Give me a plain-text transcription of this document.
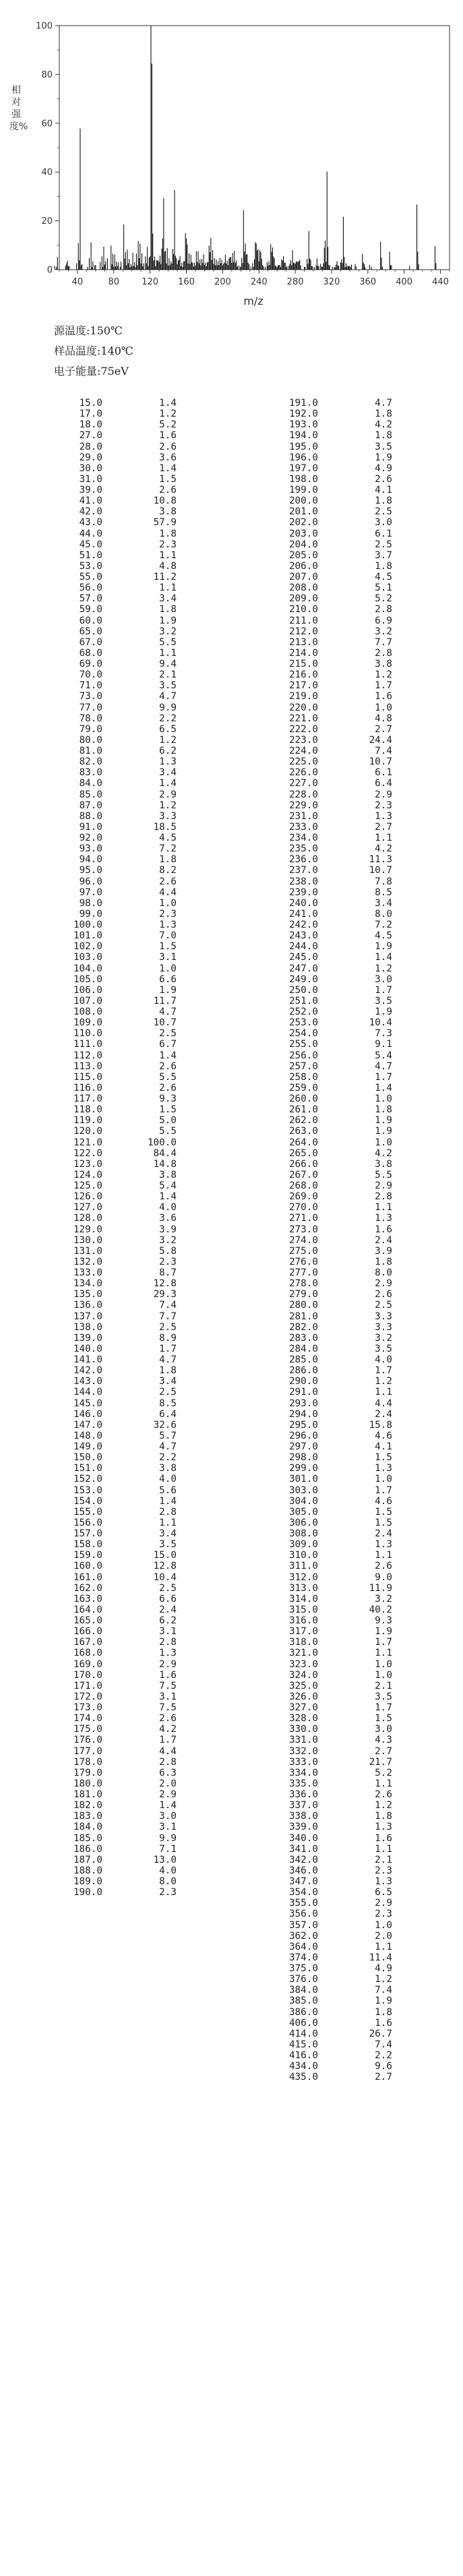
40	80	120 160 200 240 280 320 360 400 440
0
20
40
60
80
100
m/z
相对强度%
源温度:150℃
样品温度:140℃
电子能量:75eV
15.0	1.4
17.0	1.2
18.0	5.2
27.0	1.6
28.0	2.6
29.0	3.6
30.0	1.4
31.0	1.5
39.0	2.6
41.0	10.8
42.0	3.8
43.0	57.9
44.0	1.8
45.0	2.3
51.0	1.1
53.0	4.8
55.0	11.2
56.0	1.1
57.0	3.4
59.0	1.8
60.0	1.9
65.0	3.2
67.0	5.5
68.0	1.1
69.0	9.4
70.0	2.1
71.0	3.5
73.0	4.7
77.0	9.9
78.0	2.2
79.0	6.5
80.0	1.2
81.0	6.2
82.0	1.3
83.0	3.4
84.0	1.4
85.0	2.9
87.0	1.2
88.0	3.3
91.0	18.5
92.0	4.5
93.0	7.2
94.0	1.8
95.0	8.2
96.0	2.6
97.0	4.4
98.0	1.0
99.0	2.3
100.0	1.3
101.0	7.0
102.0	1.5
103.0	3.1
104.0	1.0
105.0	6.6
106.0	1.9
107.0	11.7
108.0	4.7
109.0	10.7
110.0	2.5
111.0	6.7
112.0	1.4
113.0	2.6
115.0	5.5
116.0	2.6
117.0	9.3
118.0	1.5
119.0	5.0
120.0	5.5
121.0	100.0
122.0	84.4
123.0	14.8
124.0	3.8
125.0	5.4
126.0	1.4
127.0	4.0
128.0	3.6
129.0	3.9
130.0	3.2
131.0	5.8
132.0	2.3
133.0	8.7
134.0	12.8
135.0	29.3
136.0	7.4
137.0	7.7
138.0	2.5
139.0	8.9
140.0	1.7
141.0	4.7
142.0	1.8
143.0	3.4
144.0	2.5
145.0	8.5
146.0	6.4
147.0	32.6
148.0	5.7
149.0	4.7
150.0	2.2
151.0	3.8
152.0	4.0
153.0	5.6
154.0	1.4
155.0	2.8
156.0	1.1
157.0	3.4
158.0	3.5
159.0	15.0
160.0	12.8
161.0	10.4
162.0	2.5
163.0	6.6
164.0	2.4
165.0	6.2
166.0	3.1
167.0	2.8
168.0	1.3
169.0	2.9
170.0	1.6
171.0	7.5
172.0	3.1
173.0	7.5
174.0	2.6
175.0	4.2
176.0	1.7
177.0	4.4
178.0	2.8
179.0	6.3
180.0	2.0
181.0	2.9
182.0	1.4
183.0	3.0
184.0	3.1
185.0	9.9
186.0	7.1
187.0	13.0
188.0	4.0
189.0	8.0
190.0	2.3
191.0	4.7
192.0	1.8
193.0	4.2
194.0	1.8
195.0	3.5
196.0	1.9
197.0	4.9
198.0	2.6
199.0	4.1
200.0	1.8
201.0	2.5
202.0	3.0
203.0	6.1
204.0	2.5
205.0	3.7
206.0	1.8
207.0	4.5
208.0	5.1
209.0	5.2
210.0	2.8
211.0	6.9
212.0	3.2
213.0	7.7
214.0	2.8
215.0	3.8
216.0	1.2
217.0	1.7
219.0	1.6
220.0	1.0
221.0	4.8
222.0	2.7
223.0	24.4
224.0	7.4
225.0	10.7
226.0	6.1
227.0	6.4
228.0	2.9
229.0	2.3
231.0	1.3
233.0	2.7
234.0	1.1
235.0	4.2
236.0	11.3
237.0	10.7
238.0	7.8
239.0	8.5
240.0	3.4
241.0	8.0
242.0	7.2
243.0	4.5
244.0	1.9
245.0	1.4
247.0	1.2
249.0	3.0
250.0	1.7
251.0	3.5
252.0	1.9
253.0	10.4
254.0	7.3
255.0	9.1
256.0	5.4
257.0	4.7
258.0	1.7
259.0	1.4
260.0	1.0
261.0	1.8
262.0	1.9
263.0	1.9
264.0	1.0
265.0	4.2
266.0	3.8
267.0	5.5
268.0	2.9
269.0	2.8
270.0	1.1
271.0	1.3
273.0	1.6
274.0	2.4
275.0	3.9
276.0	1.8
277.0	8.0
278.0	2.9
279.0	2.6
280.0	2.5
281.0	3.3
282.0	3.3
283.0	3.2
284.0	3.5
285.0	4.0
286.0	1.7
290.0	1.2
291.0	1.1
293.0	4.4
294.0	2.4
295.0	15.8
296.0	4.6
297.0	4.1
298.0	1.5
299.0	1.3
301.0	1.0
303.0	1.7
304.0	4.6
305.0	1.5
306.0	1.5
308.0	2.4
309.0	1.3
310.0	1.1
311.0	2.6
312.0	9.0
313.0	11.9
314.0	3.2
315.0	40.2
316.0	9.3
317.0	1.9
318.0	1.7
321.0	1.1
323.0	1.0
324.0	1.0
325.0	2.1
326.0	3.5
327.0	1.7
328.0	1.5
330.0	3.0
331.0	4.3
332.0	2.7
333.0	21.7
334.0	5.2
335.0	1.1
336.0	2.6
337.0	1.2
338.0	1.8
339.0	1.3
340.0	1.6
341.0	1.1
342.0	2.1
346.0	2.3
347.0	1.3
354.0	6.5
355.0	2.9
356.0	2.3
357.0	1.0
362.0	2.0
364.0	1.1
374.0	11.4
375.0	4.9
376.0	1.2
384.0	7.4
385.0	1.9
386.0	1.8
406.0	1.6
414.0	26.7
415.0	7.4
416.0	2.2
434.0	9.6
435.0	2.7
